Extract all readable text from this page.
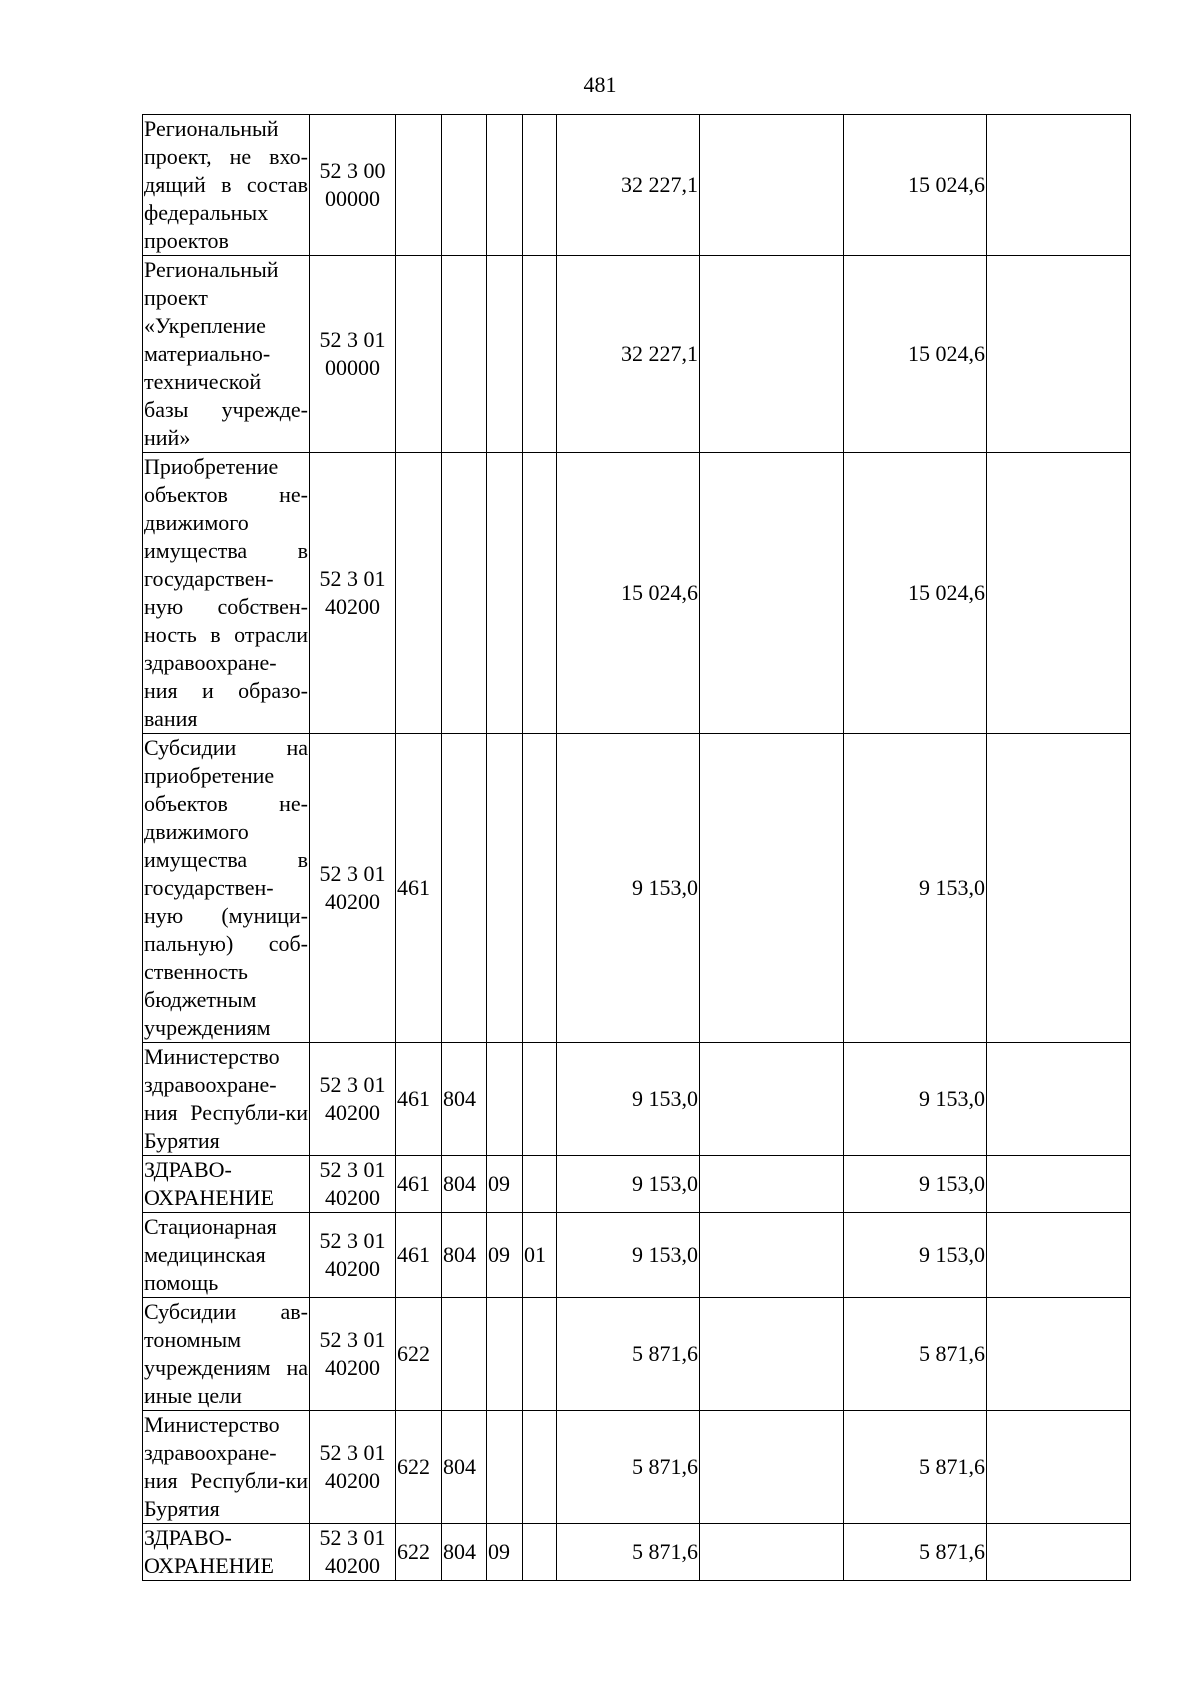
481
Региональный проект, не вхо-дящий в состав федеральных проектов	52 3 00 00000					32 227,1		15 024,6	

Региональный проект «Укрепление материально-технической базы учрежде-ний»	52 3 01 00000					32 227,1		15 024,6	

Приобретение объектов не-движимого имущества в государствен-ную собствен-ность в отрасли здравоохране-ния и образо-вания	52 3 01 40200					15 024,6		15 024,6	

Субсидии на приобретение объектов не-движимого имущества в государствен-ную (муници-пальную) соб-ственность бюджетным учреждениям	52 3 01 40200	461				9 153,0		9 153,0	

Министерство здравоохране-ния Республи-ки Бурятия	52 3 01 40200	461	804			9 153,0		9 153,0	

ЗДРАВО-ОХРАНЕНИЕ	52 3 01 40200	461	804	09		9 153,0		9 153,0	

Стационарная медицинская помощь	52 3 01 40200	461	804	09	01	9 153,0		9 153,0	

Субсидии ав-тономным учреждениям на иные цели	52 3 01 40200	622				5 871,6		5 871,6	

Министерство здравоохране-ния Республи-ки Бурятия	52 3 01 40200	622	804			5 871,6		5 871,6	

ЗДРАВО-ОХРАНЕНИЕ	52 3 01 40200	622	804	09		5 871,6		5 871,6	
